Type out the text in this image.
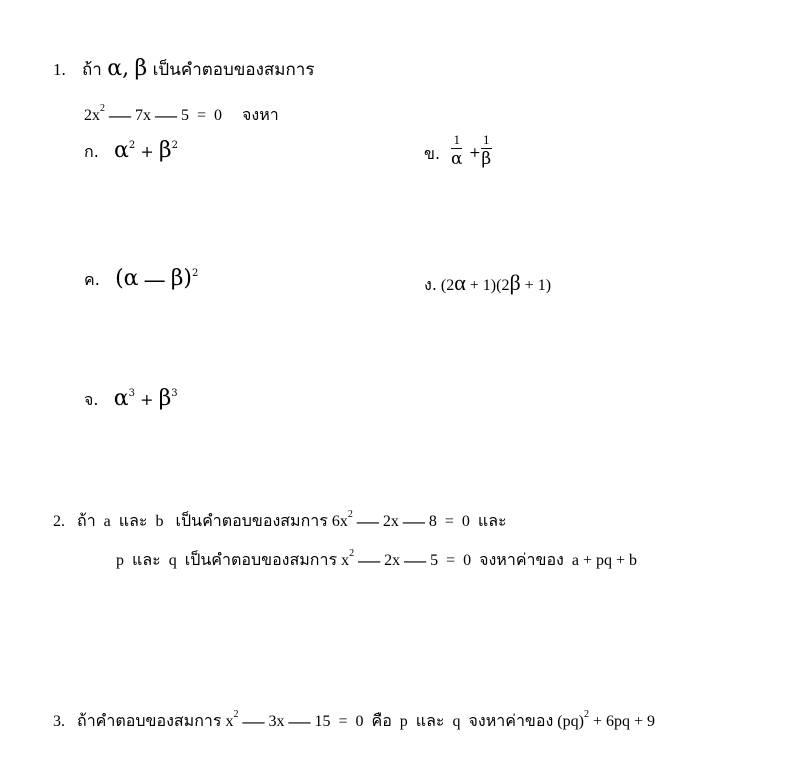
1. ถ้า α, β เป็นคำตอบของสมการ
$2x^2$ — 7x — 5 = 0 จงหา
ก. $\alpha^2 + \beta^2$	ข.
1
α +
1
β
ค. (α — β)$^2$
ง. (2α + 1)(2β + 1)
จ. $\alpha^3 + \beta^3$
2. ถ้า a และ b เป็นคำตอบของสมการ $6x^2$ — 2x — 8 = 0 และ
p และ q เป็นคำตอบของสมการ $x^2$ — 2x — 5 = 0 จงหาค่าของ a + pq + b
3. ถ้าคำตอบของสมการ $x^2$ — 3x — 15 = 0 คือ p และ q จงหาค่าของ (pq)$^2$ + 6pq + 9
